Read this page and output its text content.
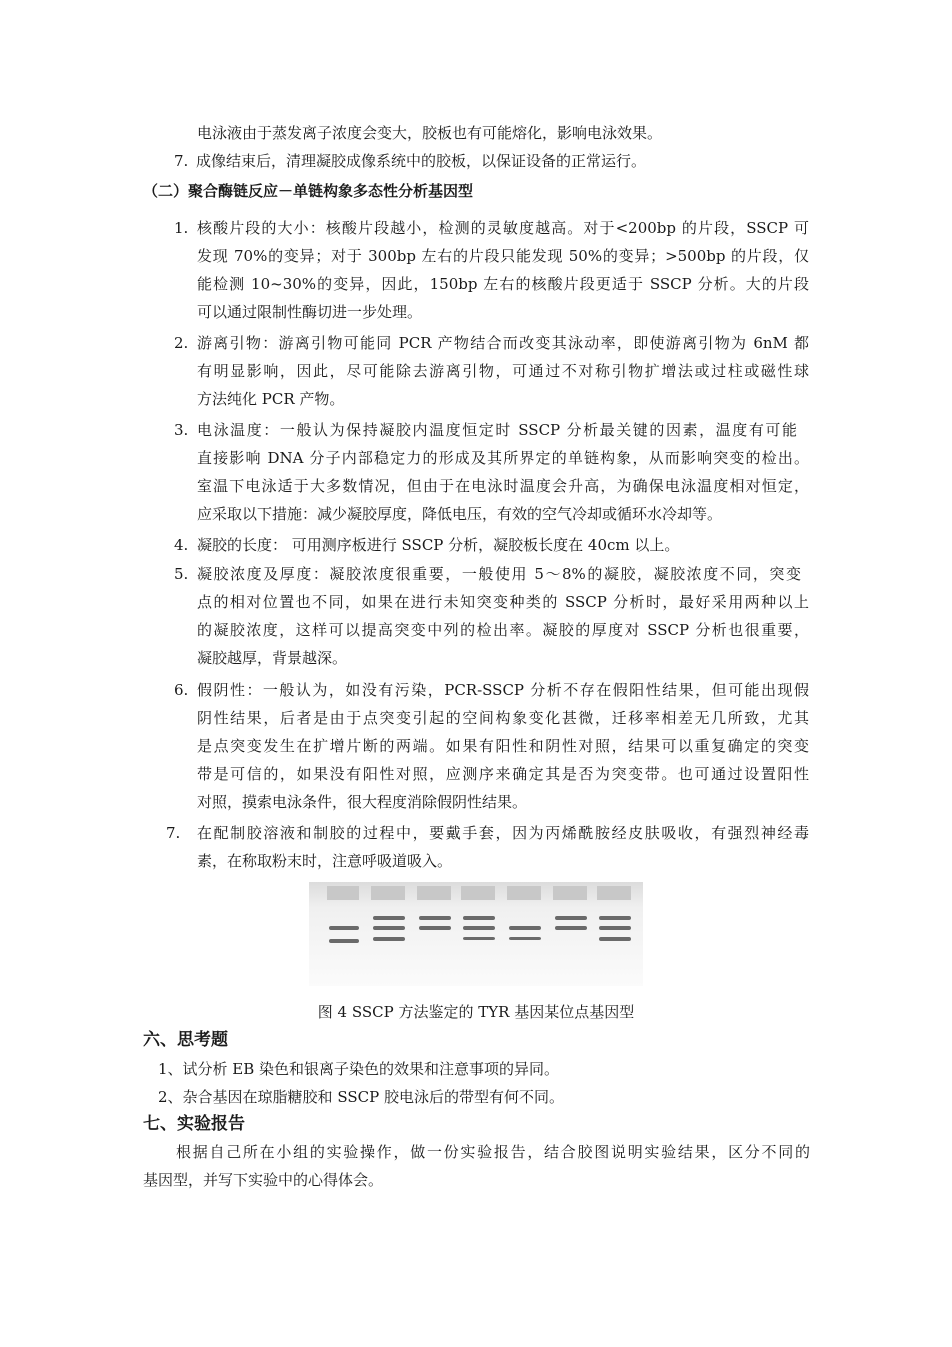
电泳液由于蒸发离子浓度会变大，胶板也有可能熔化，影响电泳效果。
7. 成像结束后，清理凝胶成像系统中的胶板，以保证设备的正常运行。
（二）聚合酶链反应－单链构象多态性分析基因型
1. 核酸片段的大小：核酸片段越小，检测的灵敏度越高。对于<200bp 的片段，SSCP 可
发现 70%的变异；对于 300bp 左右的片段只能发现 50%的变异；>500bp 的片段，仅
能检测 10~30%的变异，因此，150bp 左右的核酸片段更适于 SSCP 分析。大的片段
可以通过限制性酶切进一步处理。
2. 游离引物：游离引物可能同 PCR 产物结合而改变其泳动率，即使游离引物为 6nM 都
有明显影响，因此，尽可能除去游离引物，可通过不对称引物扩增法或过柱或磁性球
方法纯化 PCR 产物。
3. 电泳温度：一般认为保持凝胶内温度恒定时 SSCP 分析最关键的因素，温度有可能
直接影响 DNA 分子内部稳定力的形成及其所界定的单链构象，从而影响突变的检出。
室温下电泳适于大多数情况，但由于在电泳时温度会升高，为确保电泳温度相对恒定，
应采取以下措施：减少凝胶厚度，降低电压，有效的空气冷却或循环水冷却等。
4. 凝胶的长度： 可用测序板进行 SSCP 分析，凝胶板长度在 40cm 以上。
5. 凝胶浓度及厚度：凝胶浓度很重要，一般使用 5～8%的凝胶，凝胶浓度不同，突变
点的相对位置也不同，如果在进行未知突变种类的 SSCP 分析时，最好采用两种以上
的凝胶浓度，这样可以提高突变中列的检出率。凝胶的厚度对 SSCP 分析也很重要，
凝胶越厚，背景越深。
6. 假阴性：一般认为，如没有污染，PCR-SSCP 分析不存在假阳性结果，但可能出现假
阴性结果，后者是由于点突变引起的空间构象变化甚微，迁移率相差无几所致，尤其
是点突变发生在扩增片断的两端。如果有阳性和阴性对照，结果可以重复确定的突变
带是可信的，如果没有阳性对照，应测序来确定其是否为突变带。也可通过设置阳性
对照，摸索电泳条件，很大程度消除假阴性结果。
7. 在配制胶溶液和制胶的过程中，要戴手套，因为丙烯酰胺经皮肤吸收，有强烈神经毒
素，在称取粉末时，注意呼吸道吸入。
图 4 SSCP 方法鉴定的 TYR 基因某位点基因型
六、思考题
1、试分析 EB 染色和银离子染色的效果和注意事项的异同。
2、杂合基因在琼脂糖胶和 SSCP 胶电泳后的带型有何不同。
七、实验报告
根据自己所在小组的实验操作，做一份实验报告，结合胶图说明实验结果，区分不同的
基因型，并写下实验中的心得体会。
